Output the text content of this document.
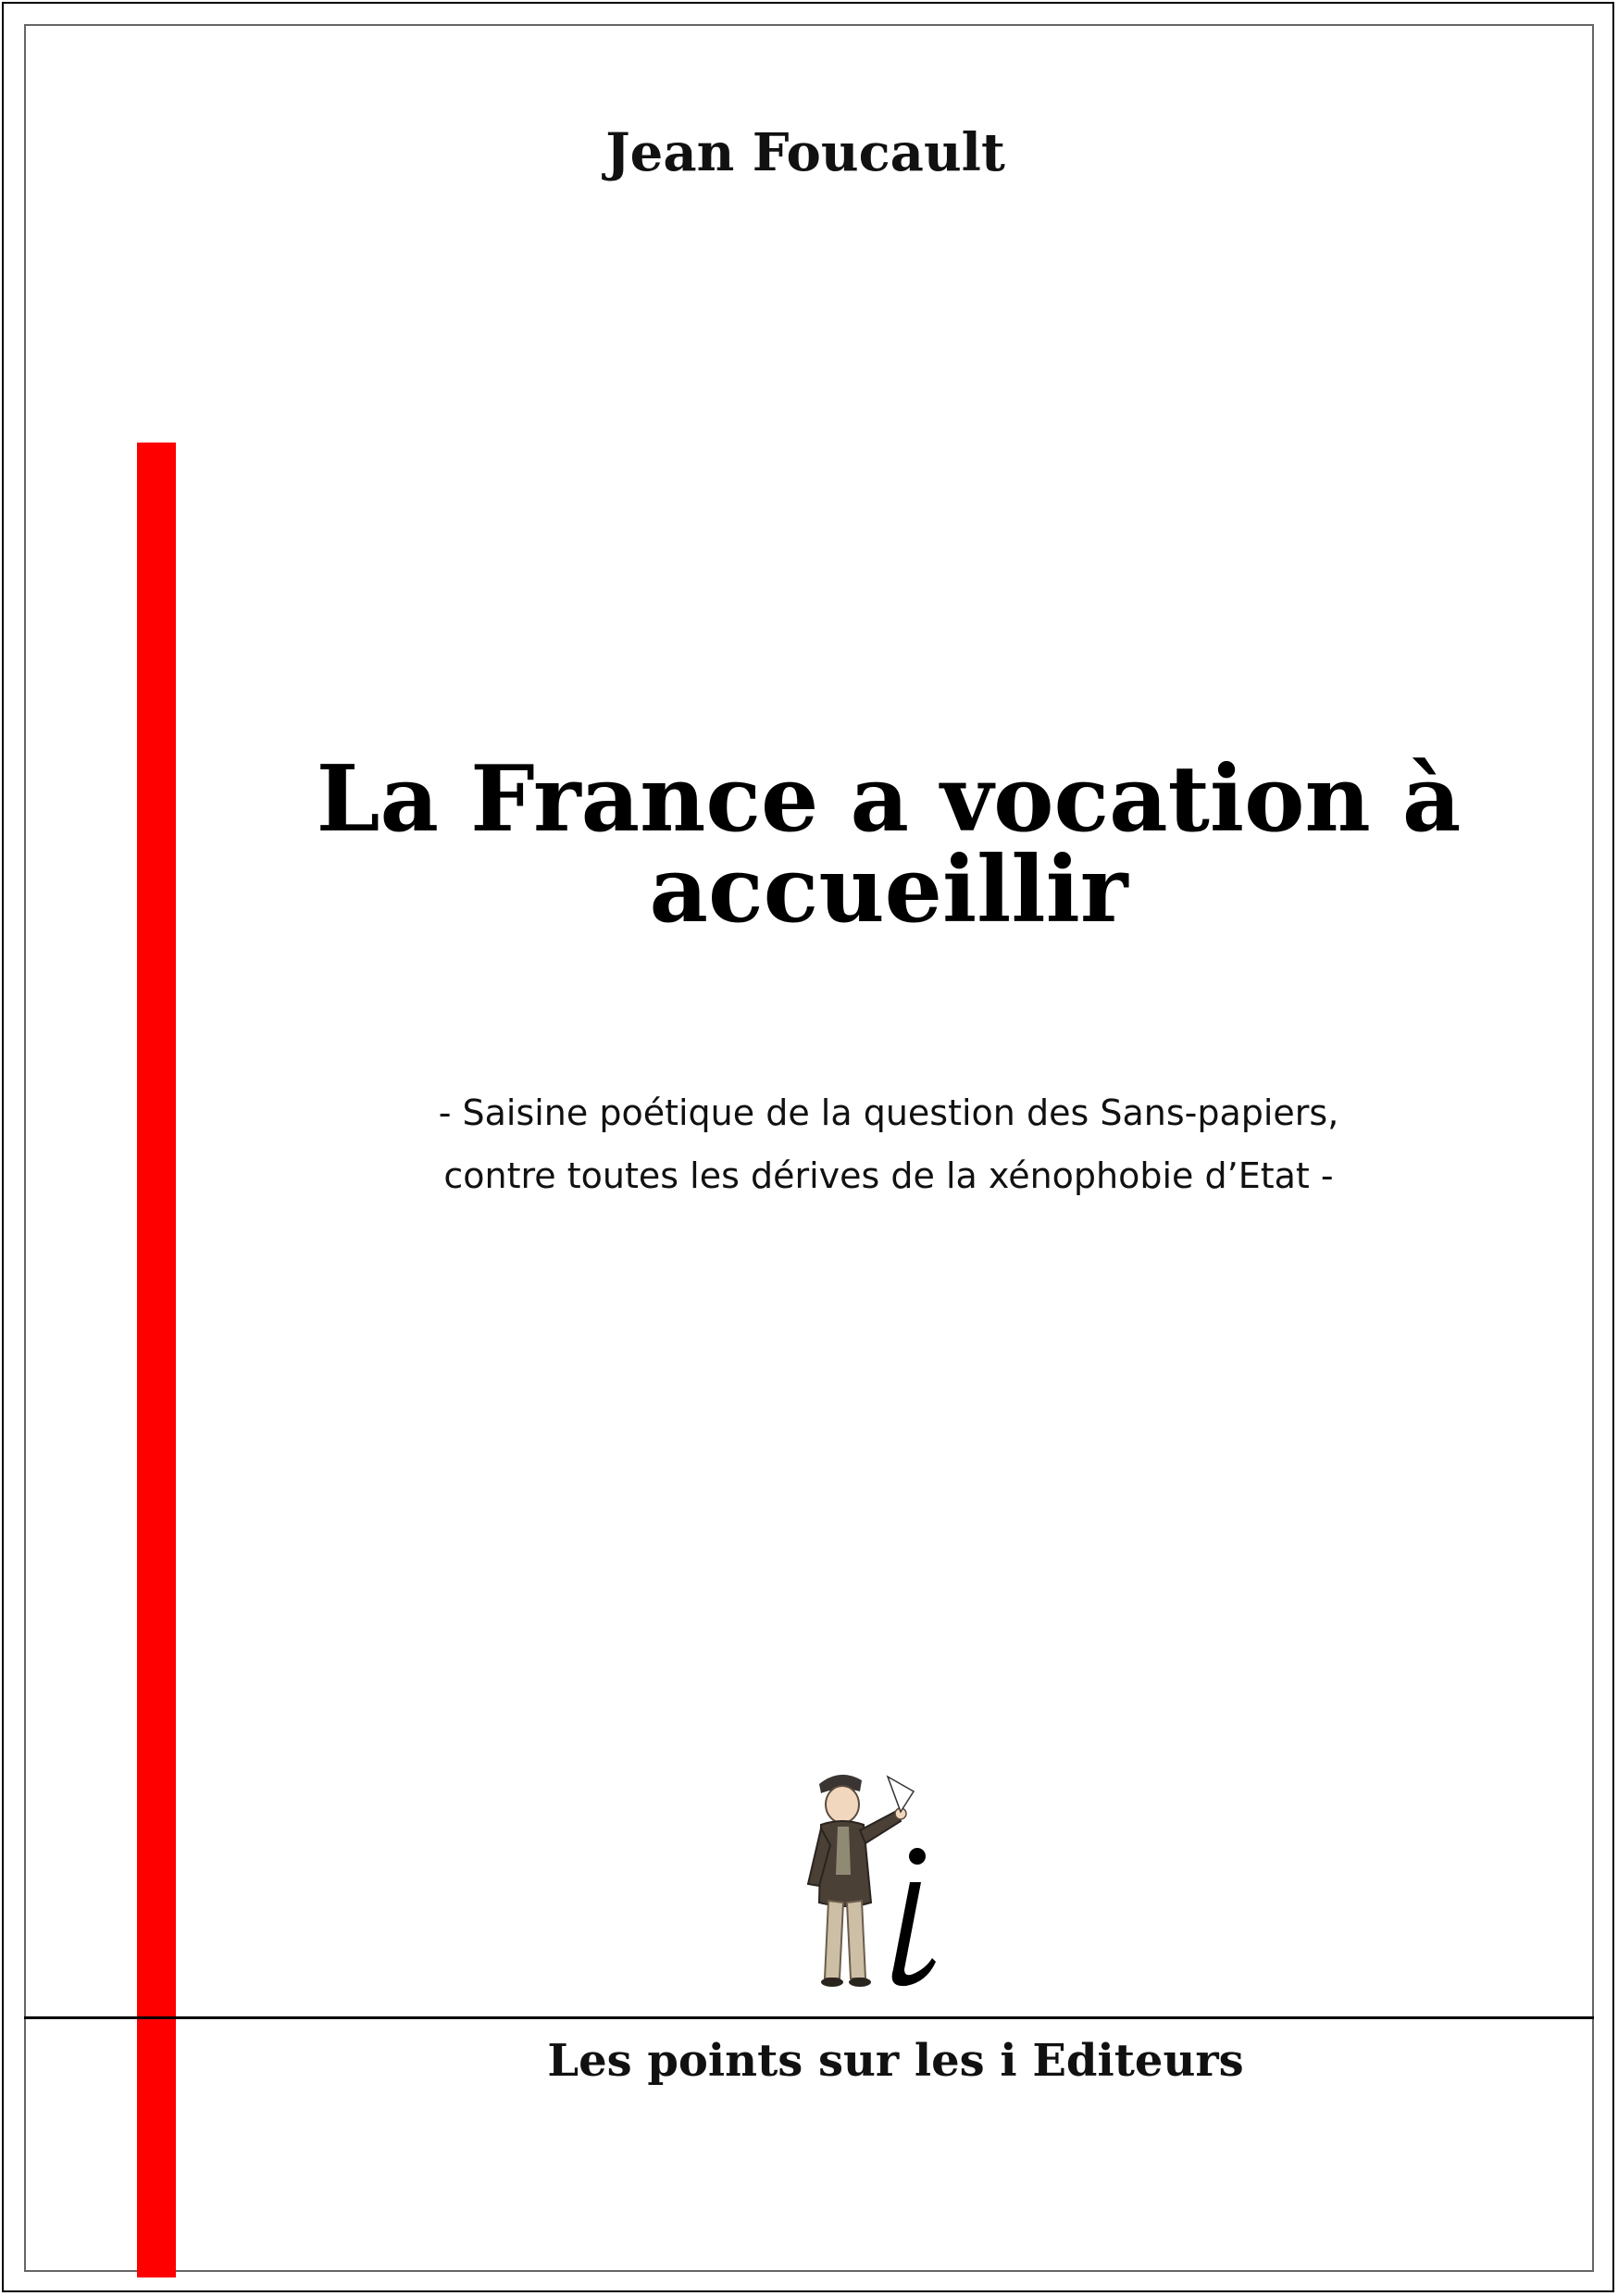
Jean Foucault
La France a vocation à
accueillir
- Saisine poétique de la question des Sans-papiers,
contre toutes les dérives de la xénophobie d’Etat -
Les points sur les i Editeurs
